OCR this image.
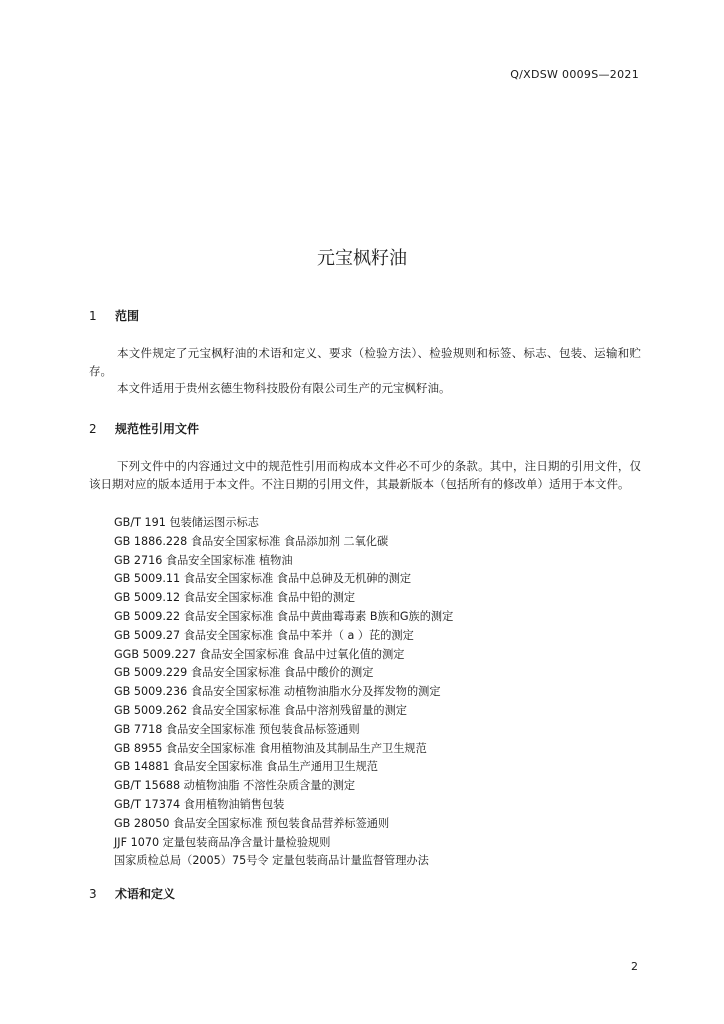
Q/XDSW 0009S—2021
元宝枫籽油
1 范围
本文件规定了元宝枫籽油的术语和定义、要求（检验方法）、检验规则和标签、标志、包装、运输和贮存。
本文件适用于贵州玄德生物科技股份有限公司生产的元宝枫籽油。
2 规范性引用文件
下列文件中的内容通过文中的规范性引用而构成本文件必不可少的条款。其中，注日期的引用文件，仅该日期对应的版本适用于本文件。不注日期的引用文件，其最新版本（包括所有的修改单）适用于本文件。
GB/T 191 包装储运图示标志
GB 1886.228 食品安全国家标准 食品添加剂 二氧化碳
GB 2716 食品安全国家标准 植物油
GB 5009.11 食品安全国家标准 食品中总砷及无机砷的测定
GB 5009.12 食品安全国家标准 食品中铅的测定
GB 5009.22 食品安全国家标准 食品中黄曲霉毒素 B族和G族的测定
GB 5009.27 食品安全国家标准 食品中苯并（ a ）芘的测定
GGB 5009.227 食品安全国家标准 食品中过氧化值的测定
GB 5009.229 食品安全国家标准 食品中酸价的测定
GB 5009.236 食品安全国家标准 动植物油脂水分及挥发物的测定
GB 5009.262 食品安全国家标准 食品中溶剂残留量的测定
GB 7718 食品安全国家标准 预包装食品标签通则
GB 8955 食品安全国家标准 食用植物油及其制品生产卫生规范
GB 14881 食品安全国家标准 食品生产通用卫生规范
GB/T 15688 动植物油脂 不溶性杂质含量的测定
GB/T 17374 食用植物油销售包装
GB 28050 食品安全国家标准 预包装食品营养标签通则
JJF 1070 定量包装商品净含量计量检验规则
国家质检总局（2005）75号令 定量包装商品计量监督管理办法
3 术语和定义
2
